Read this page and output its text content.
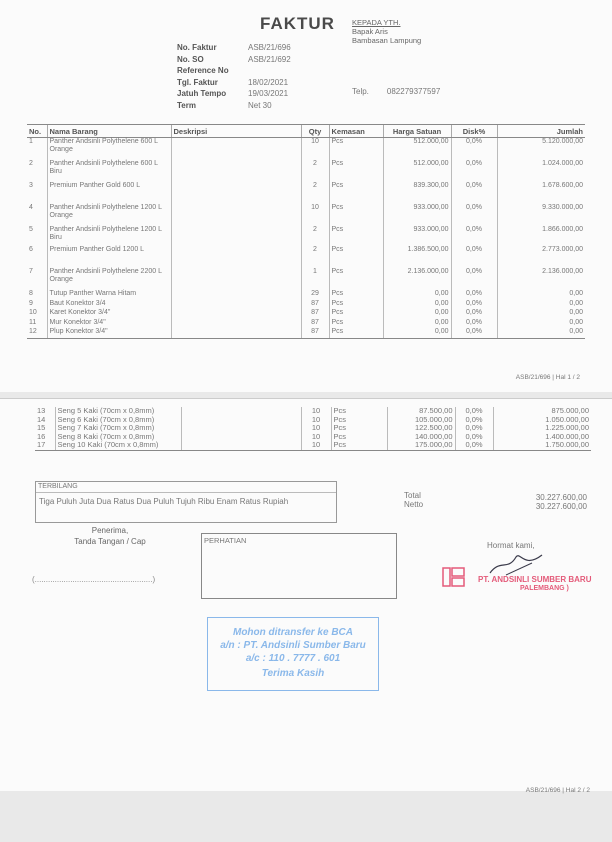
FAKTUR KEPADA YTH.
Bapak Aris
Bambasan Lampung
No. Faktur	ASB/21/696
No. SO	ASB/21/692
Reference No
Tgl. Faktur	18/02/2021
Jatuh Tempo	19/03/2021
Term	Net 30
Telp. 082279377597
No.	Nama Barang	Deskripsi	Qty	Kemasan	Harga Satuan	Disk%	Jumlah
1	Panther Andsinli Polythelene 600 L Orange		10	Pcs	512.000,00	0,0%	5.120.000,00
2	Panther Andsinli Polythelene 600 L Biru		2	Pcs	512.000,00	0,0%	1.024.000,00
3	Premium Panther Gold 600 L		2	Pcs	839.300,00	0,0%	1.678.600,00
4	Panther Andsinli Polythelene 1200 L Orange		10	Pcs	933.000,00	0,0%	9.330.000,00
5	Panther Andsinli Polythelene 1200 L Biru		2	Pcs	933.000,00	0,0%	1.866.000,00
6	Premium Panther Gold 1200 L		2	Pcs	1.386.500,00	0,0%	2.773.000,00
7	Panther Andsinli Polythelene 2200 L Orange		1	Pcs	2.136.000,00	0,0%	2.136.000,00
8	Tutup Panther Warna Hitam		29	Pcs	0,00	0,0%	0,00
9	Baut Konektor 3/4		87	Pcs	0,00	0,0%	0,00
10	Karet Konektor 3/4"		87	Pcs	0,00	0,0%	0,00
11	Mur Konektor 3/4"		87	Pcs	0,00	0,0%	0,00
12	Plup Konektor 3/4"		87	Pcs	0,00	0,0%	0,00
ASB/21/696 | Hal 1 / 2
13	Seng 5 Kaki (70cm x 0,8mm)		10	Pcs	87.500,00	0,0%	875.000,00
14	Seng 6 Kaki (70cm x 0,8mm)		10	Pcs	105.000,00	0,0%	1.050.000,00
15	Seng 7 Kaki (70cm x 0,8mm)		10	Pcs	122.500,00	0,0%	1.225.000,00
16	Seng 8 Kaki (70cm x 0,8mm)		10	Pcs	140.000,00	0,0%	1.400.000,00
17	Seng 10 Kaki (70cm x 0,8mm)		10	Pcs	175.000,00	0,0%	1.750.000,00
TERBILANG
Tiga Puluh Juta Dua Ratus Dua Puluh Tujuh Ribu Enam Ratus Rupiah
Total
Netto
30.227.600,00
30.227.600,00
Penerima,
Tanda Tangan / Cap
(.....................................................)
PERHATIAN
Hormat kami,
PT. ANDSINLI SUMBER BARU
PALEMBANG )
Mohon ditransfer ke BCA
a/n : PT. Andsinli Sumber Baru
a/c : 110 . 7777 . 601
Terima Kasih
ASB/21/696 | Hal 2 / 2
